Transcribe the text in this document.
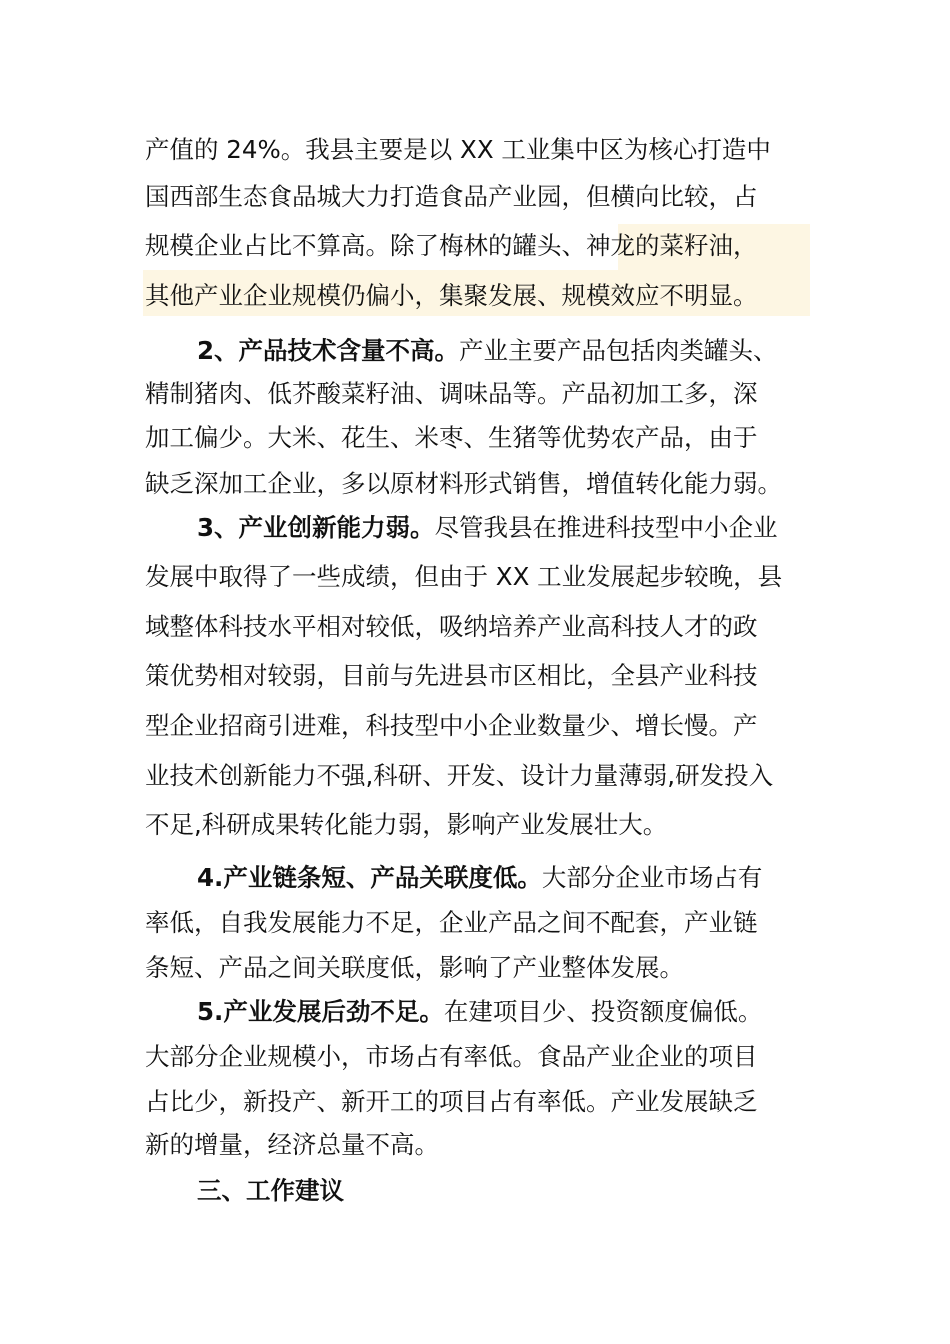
产值的 24%。我县主要是以 XX 工业集中区为核心打造中
国西部生态食品城大力打造食品产业园，但横向比较，占
规模企业占比不算高。除了梅林的罐头、神龙的菜籽油，
其他产业企业规模仍偏小，集聚发展、规模效应不明显。
2、产品技术含量不高。产业主要产品包括肉类罐头、
精制猪肉、低芥酸菜籽油、调味品等。产品初加工多，深
加工偏少。大米、花生、米枣、生猪等优势农产品，由于
缺乏深加工企业，多以原材料形式销售，增值转化能力弱。
3、产业创新能力弱。尽管我县在推进科技型中小企业
发展中取得了一些成绩，但由于 XX 工业发展起步较晚，县
域整体科技水平相对较低，吸纳培养产业高科技人才的政
策优势相对较弱，目前与先进县市区相比，全县产业科技
型企业招商引进难，科技型中小企业数量少、增长慢。产
业技术创新能力不强,科研、开发、设计力量薄弱,研发投入
不足,科研成果转化能力弱，影响产业发展壮大。
4.产业链条短、产品关联度低。大部分企业市场占有
率低，自我发展能力不足，企业产品之间不配套，产业链
条短、产品之间关联度低，影响了产业整体发展。
5.产业发展后劲不足。在建项目少、投资额度偏低。
大部分企业规模小，市场占有率低。食品产业企业的项目
占比少，新投产、新开工的项目占有率低。产业发展缺乏
新的增量，经济总量不高。
三、工作建议
